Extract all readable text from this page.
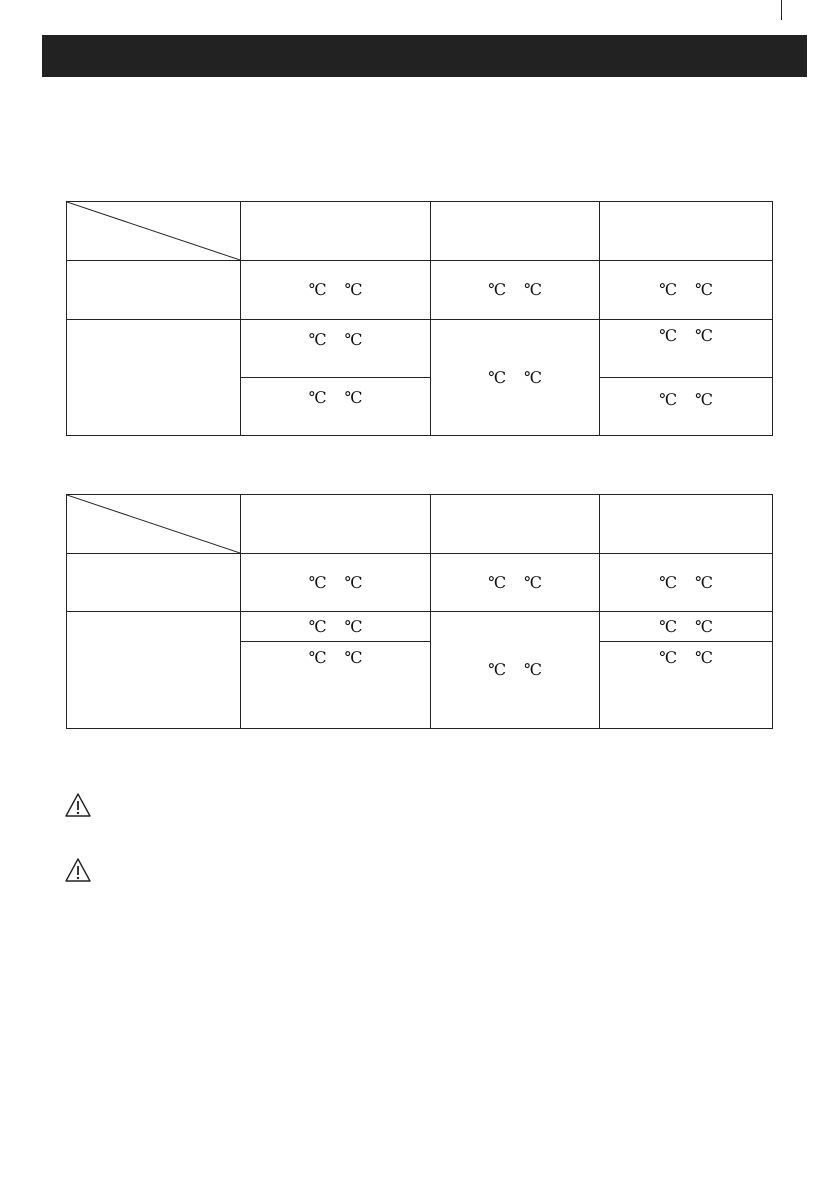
	℃ ℃	℃ ℃	℃ ℃
	℃ ℃	℃ ℃	℃ ℃
	℃ ℃		℃ ℃

	℃ ℃	℃ ℃	℃ ℃
	℃ ℃	℃ ℃	℃ ℃
	℃ ℃		℃ ℃
